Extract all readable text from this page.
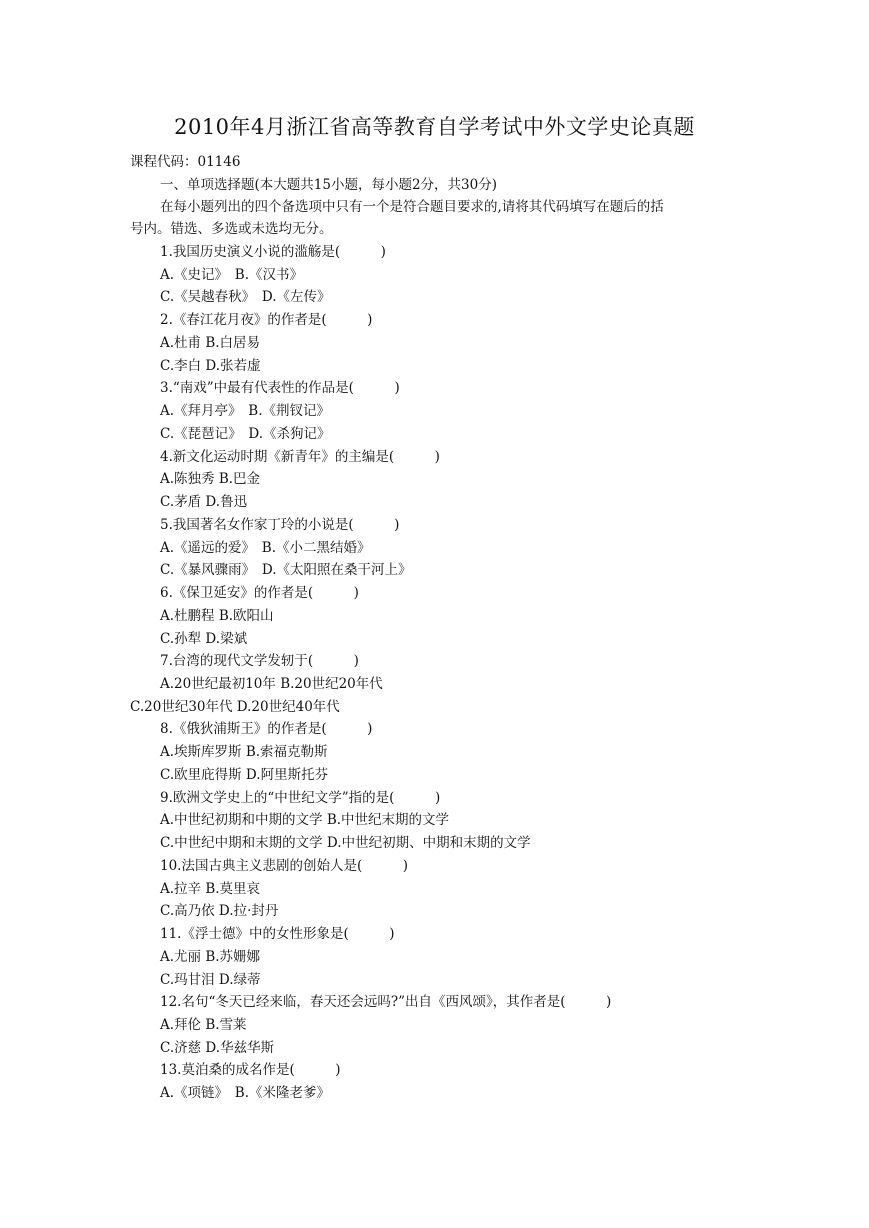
2010年4月浙江省高等教育自学考试中外文学史论真题
课程代码：01146
一、单项选择题(本大题共15小题，每小题2分，共30分)
在每小题列出的四个备选项中只有一个是符合题目要求的,请将其代码填写在题后的括
号内。错选、多选或未选均无分。
1.我国历史演义小说的滥觞是(　　　)
A.《史记》　B.《汉书》
C.《吴越春秋》　D.《左传》
2.《春江花月夜》的作者是(　　　)
A.杜甫 B.白居易
C.李白 D.张若虚
3.“南戏”中最有代表性的作品是(　　　)
A.《拜月亭》　B.《荆钗记》
C.《琵琶记》　D.《杀狗记》
4.新文化运动时期《新青年》的主编是(　　　)
A.陈独秀 B.巴金
C.茅盾 D.鲁迅
5.我国著名女作家丁玲的小说是(　　　)
A.《遥远的爱》　B.《小二黑结婚》
C.《暴风骤雨》　D.《太阳照在桑干河上》
6.《保卫延安》的作者是(　　　)
A.杜鹏程 B.欧阳山
C.孙犁 D.梁斌
7.台湾的现代文学发轫于(　　　)
A.20世纪最初10年 B.20世纪20年代
C.20世纪30年代 D.20世纪40年代
8.《俄狄浦斯王》的作者是(　　　)
A.埃斯库罗斯 B.索福克勒斯
C.欧里庇得斯 D.阿里斯托芬
9.欧洲文学史上的“中世纪文学”指的是(　　　)
A.中世纪初期和中期的文学 B.中世纪末期的文学
C.中世纪中期和末期的文学 D.中世纪初期、中期和末期的文学
10.法国古典主义悲剧的创始人是(　　　)
A.拉辛 B.莫里哀
C.高乃依 D.拉·封丹
11.《浮士德》中的女性形象是(　　　)
A.尤丽 B.苏姗娜
C.玛甘泪 D.绿蒂
12.名句“冬天已经来临，春天还会远吗?”出自《西风颂》，其作者是(　　　)
A.拜伦 B.雪莱
C.济慈 D.华兹华斯
13.莫泊桑的成名作是(　　　)
A.《项链》　B.《米隆老爹》
